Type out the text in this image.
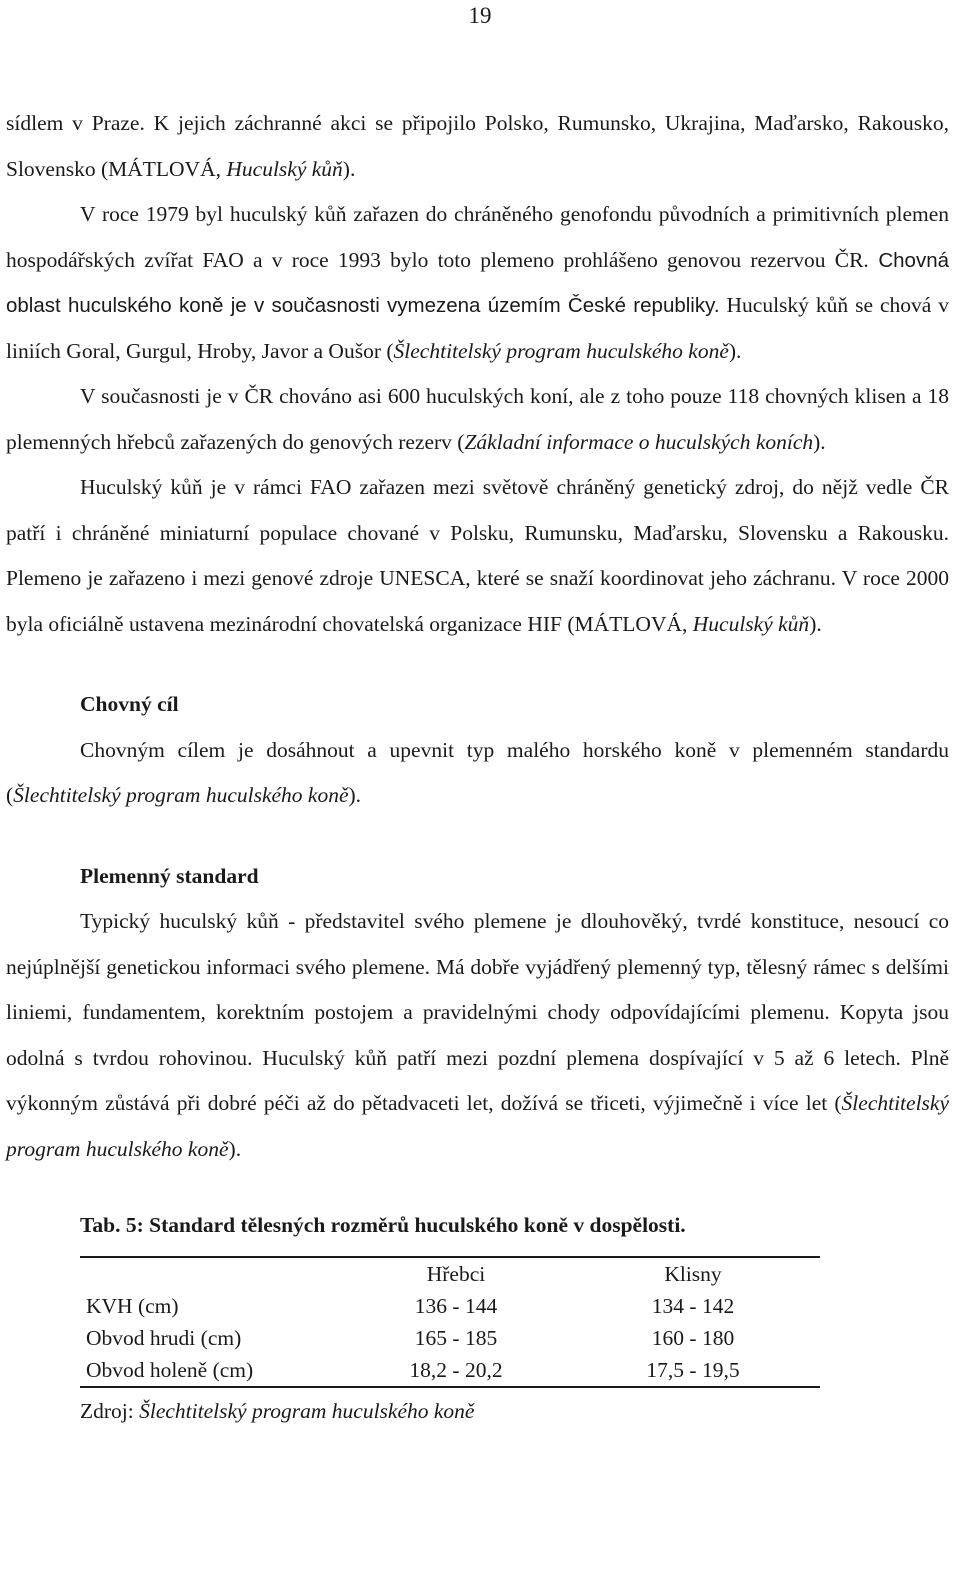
19

sídlem v Praze. K jejich záchranné akci se připojilo Polsko, Rumunsko, Ukrajina, Maďarsko, Rakousko, Slovensko (MÁTLOVÁ, Huculský kůň).

V roce 1979 byl huculský kůň zařazen do chráněného genofondu původních a primitivních plemen hospodářských zvířat FAO a v roce 1993 bylo toto plemeno prohlášeno genovou rezervou ČR. Chovná oblast huculského koně je v současnosti vymezena územím České republiky. Huculský kůň se chová v liniích Goral, Gurgul, Hroby, Javor a Oušor (Šlechtitelský program huculského koně).

V současnosti je v ČR chováno asi 600 huculských koní, ale z toho pouze 118 chovných klisen a 18 plemenných hřebců zařazených do genových rezerv (Základní informace o huculských koních).

Huculský kůň je v rámci FAO zařazen mezi světově chráněný genetický zdroj, do nějž vedle ČR patří i chráněné miniaturní populace chované v Polsku, Rumunsku, Maďarsku, Slovensku a Rakousku. Plemeno je zařazeno i mezi genové zdroje UNESCA, které se snaží koordinovat jeho záchranu. V roce 2000 byla oficiálně ustavena mezinárodní chovatelská organizace HIF (MÁTLOVÁ, Huculský kůň).

Chovný cíl

Chovným cílem je dosáhnout a upevnit typ malého horského koně v plemenném standardu (Šlechtitelský program huculského koně).

Plemenný standard

Typický huculský kůň - představitel svého plemene je dlouhověký, tvrdé konstituce, nesoucí co nejúplnější genetickou informaci svého plemene. Má dobře vyjádřený plemenný typ, tělesný rámec s delšími liniemi, fundamentem, korektním postojem a pravidelnými chody odpovídajícími plemenu. Kopyta jsou odolná s tvrdou rohovinou. Huculský kůň patří mezi pozdní plemena dospívající v 5 až 6 letech. Plně výkonným zůstává při dobré péči až do pětadvaceti let, dožívá se třiceti, výjimečně i více let (Šlechtitelský program huculského koně).

Tab. 5: Standard tělesných rozměrů huculského koně v dospělosti.
	Hřebci	Klisny
KVH (cm)	136 - 144	134 - 142
Obvod hrudi (cm)	165 - 185	160 - 180
Obvod holeně (cm)	18,2 - 20,2	17,5 - 19,5
Zdroj: Šlechtitelský program huculského koně
